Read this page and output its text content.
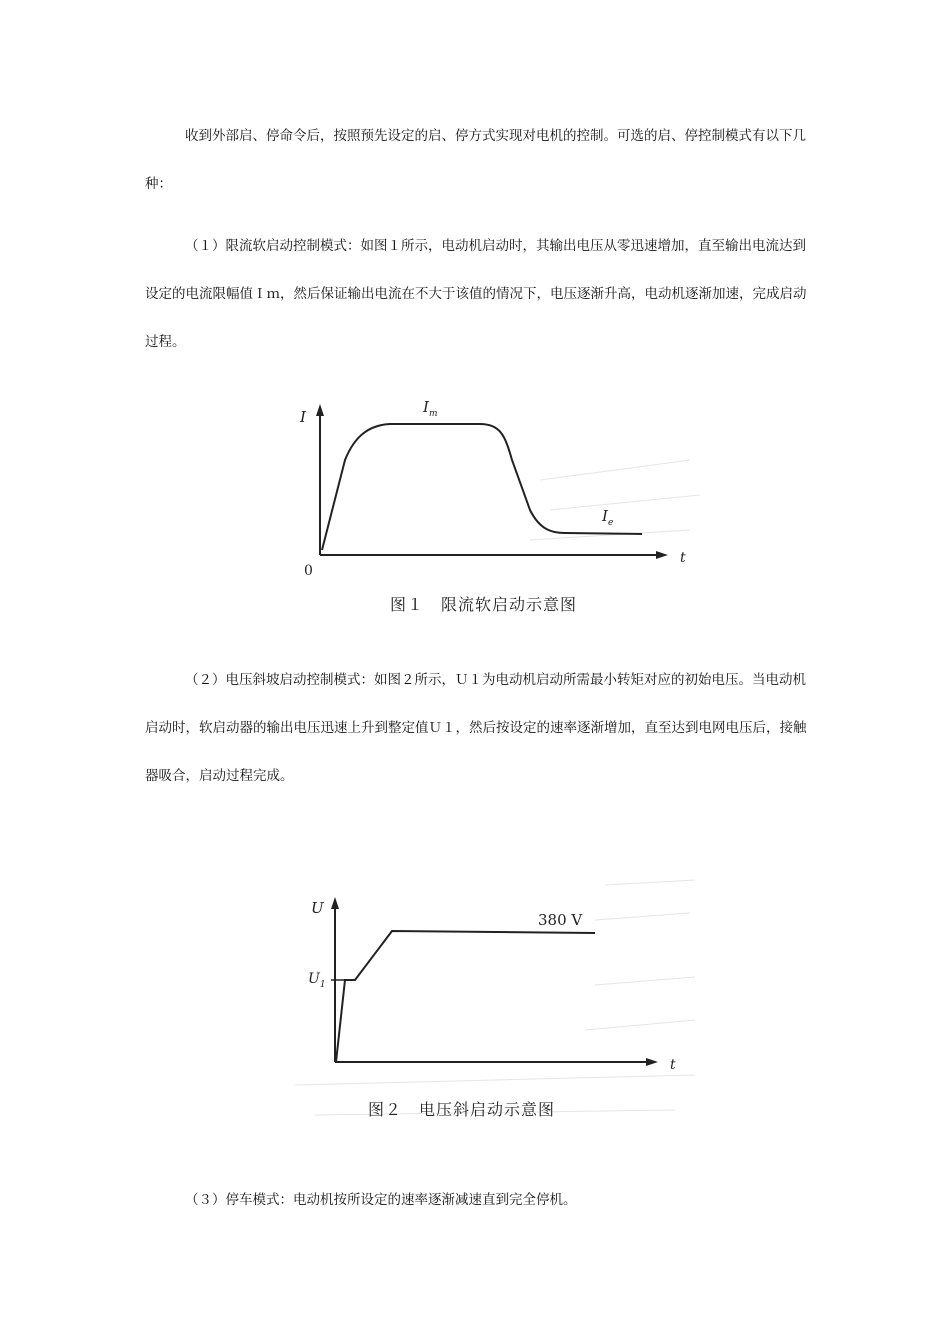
收到外部启、停命令后，按照预先设定的启、停方式实现对电机的控制。可选的启、停控制模式有以下几种：

（１）限流软启动控制模式：如图１所示，电动机启动时，其输出电压从零迅速增加，直至输出电流达到设定的电流限幅值Ｉｍ，然后保证输出电流在不大于该值的情况下，电压逐渐升高，电动机逐渐加速，完成启动过程。

I
t
0
$I_m$
$I_e$
图１　限流软启动示意图

（２）电压斜坡启动控制模式：如图２所示，Ｕ１为电动机启动所需最小转矩对应的初始电压。当电动机启动时，软启动器的输出电压迅速上升到整定值Ｕ１，然后按设定的速率逐渐增加，直至达到电网电压后，接触器吸合，启动过程完成。

U
t
$U_1$
380 V
图２　电压斜启动示意图

（３）停车模式：电动机按所设定的速率逐渐减速直到完全停机。
